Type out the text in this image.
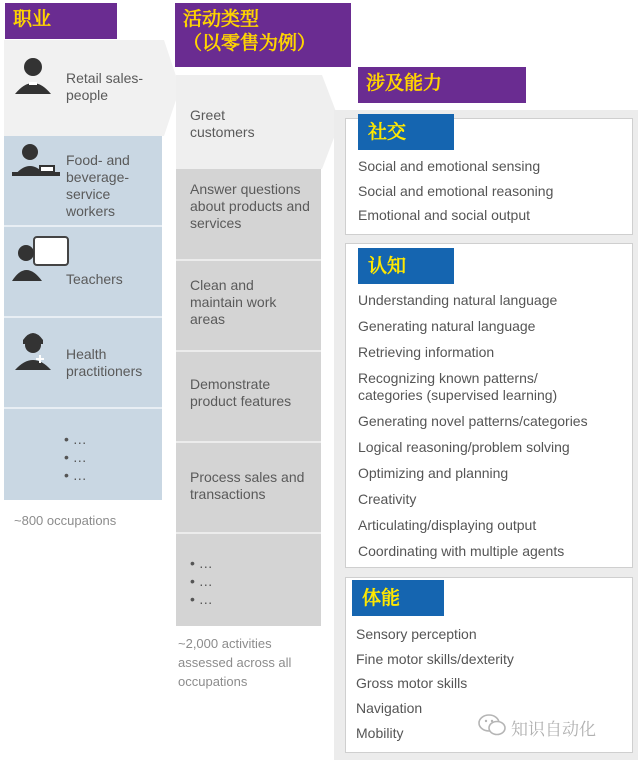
职业	活动类型
（以零售为例）
涉及能力
Retail sales-people
Food- and beverage-service workers
Teachers
Health practitioners
• …
• …
• …
~800 occupations
Greet customers
Answer questions about products and services
Clean and maintain work areas
Demonstrate product features
Process sales and transactions
• …
• …
• …
~2,000 activities assessed across all occupations
社交
Social and emotional sensing
Social and emotional reasoning
Emotional and social output
认知
Understanding natural language
Generating natural language
Retrieving information
Recognizing known patterns/ categories (supervised learning)
Generating novel patterns/categories
Logical reasoning/problem solving
Optimizing and planning
Creativity
Articulating/displaying output
Coordinating with multiple agents
体能
Sensory perception
Fine motor skills/dexterity
Gross motor skills
Navigation
Mobility	知识自动化
